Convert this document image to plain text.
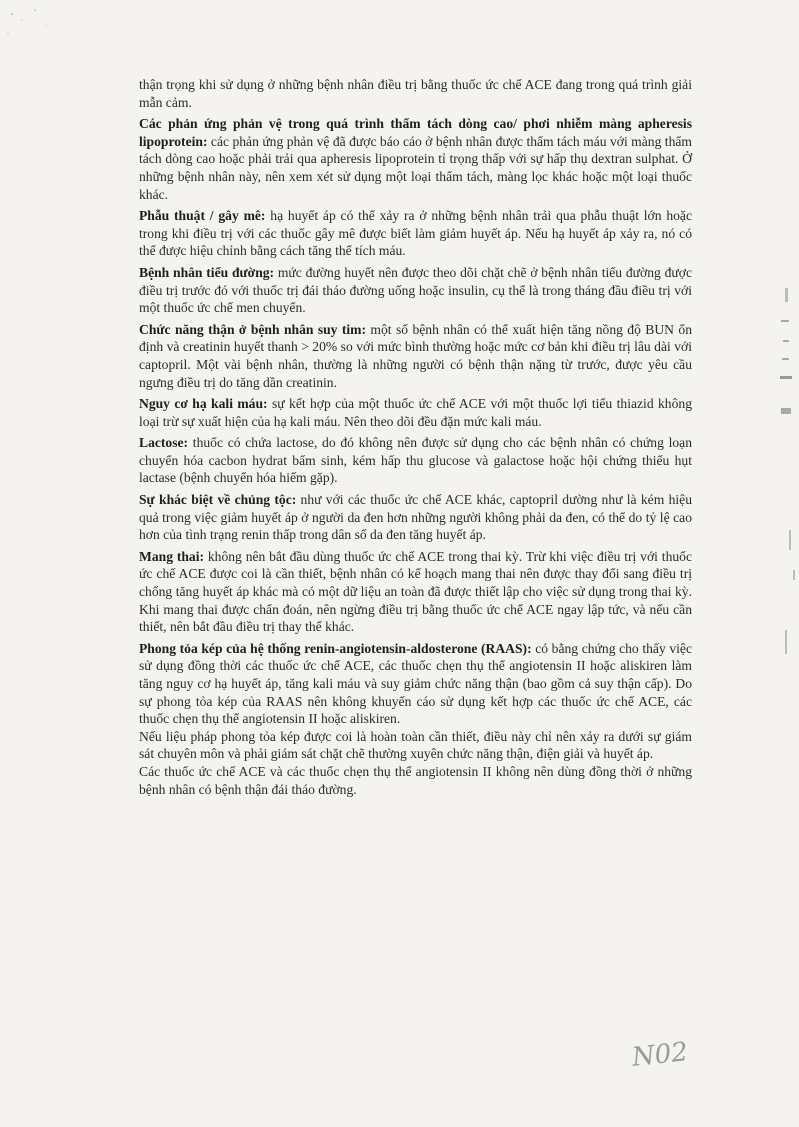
thận trọng khi sử dụng ở những bệnh nhân điều trị bằng thuốc ức chế ACE đang trong quá trình giải mẫn cảm.

Các phản ứng phản vệ trong quá trình thẩm tách dòng cao/ phơi nhiễm màng apheresis lipoprotein: các phản ứng phản vệ đã được báo cáo ở bệnh nhân được thẩm tách máu với màng thẩm tách dòng cao hoặc phải trải qua apheresis lipoprotein tỉ trọng thấp với sự hấp thụ dextran sulphat. Ở những bệnh nhân này, nên xem xét sử dụng một loại thẩm tách, màng lọc khác hoặc một loại thuốc khác.

Phẫu thuật / gây mê: hạ huyết áp có thể xảy ra ở những bệnh nhân trải qua phẫu thuật lớn hoặc trong khi điều trị với các thuốc gây mê được biết làm giảm huyết áp. Nếu hạ huyết áp xảy ra, nó có thể được hiệu chỉnh bằng cách tăng thể tích máu.

Bệnh nhân tiểu đường: mức đường huyết nên được theo dõi chặt chẽ ở bệnh nhân tiểu đường được điều trị trước đó với thuốc trị đái tháo đường uống hoặc insulin, cụ thể là trong tháng đầu điều trị với một thuốc ức chế men chuyển.

Chức năng thận ở bệnh nhân suy tim: một số bệnh nhân có thể xuất hiện tăng nồng độ BUN ổn định và creatinin huyết thanh > 20% so với mức bình thường hoặc mức cơ bản khi điều trị lâu dài với captopril. Một vài bệnh nhân, thường là những người có bệnh thận nặng từ trước, được yêu cầu ngưng điều trị do tăng dần creatinin.

Nguy cơ hạ kali máu: sự kết hợp của một thuốc ức chế ACE với một thuốc lợi tiểu thiazid không loại trừ sự xuất hiện của hạ kali máu. Nên theo dõi đều đặn mức kali máu.

Lactose: thuốc có chứa lactose, do đó không nên được sử dụng cho các bệnh nhân có chứng loạn chuyển hóa cacbon hydrat bẩm sinh, kém hấp thu glucose và galactose hoặc hội chứng thiếu hụt lactase (bệnh chuyển hóa hiếm gặp).

Sự khác biệt về chủng tộc: như với các thuốc ức chế ACE khác, captopril dường như là kém hiệu quả trong việc giảm huyết áp ở người da đen hơn những người không phải da đen, có thể do tỷ lệ cao hơn của tình trạng renin thấp trong dân số da đen tăng huyết áp.

Mang thai: không nên bắt đầu dùng thuốc ức chế ACE trong thai kỳ. Trừ khi việc điều trị với thuốc ức chế ACE được coi là cần thiết, bệnh nhân có kế hoạch mang thai nên được thay đổi sang điều trị chống tăng huyết áp khác mà có một dữ liệu an toàn đã được thiết lập cho việc sử dụng trong thai kỳ. Khi mang thai được chẩn đoán, nên ngừng điều trị bằng thuốc ức chế ACE ngay lập tức, và nếu cần thiết, nên bắt đầu điều trị thay thế khác.

Phong tỏa kép của hệ thống renin-angiotensin-aldosterone (RAAS): có bằng chứng cho thấy việc sử dụng đồng thời các thuốc ức chế ACE, các thuốc chẹn thụ thể angiotensin II hoặc aliskiren làm tăng nguy cơ hạ huyết áp, tăng kali máu và suy giảm chức năng thận (bao gồm cả suy thận cấp). Do sự phong tỏa kép của RAAS nên không khuyến cáo sử dụng kết hợp các thuốc ức chế ACE, các thuốc chẹn thụ thể angiotensin II hoặc aliskiren.

Nếu liệu pháp phong tỏa kép được coi là hoàn toàn cần thiết, điều này chỉ nên xảy ra dưới sự giám sát chuyên môn và phải giám sát chặt chẽ thường xuyên chức năng thận, điện giải và huyết áp.

Các thuốc ức chế ACE và các thuốc chẹn thụ thể angiotensin II không nên dùng đồng thời ở những bệnh nhân có bệnh thận đái tháo đường.

N02
